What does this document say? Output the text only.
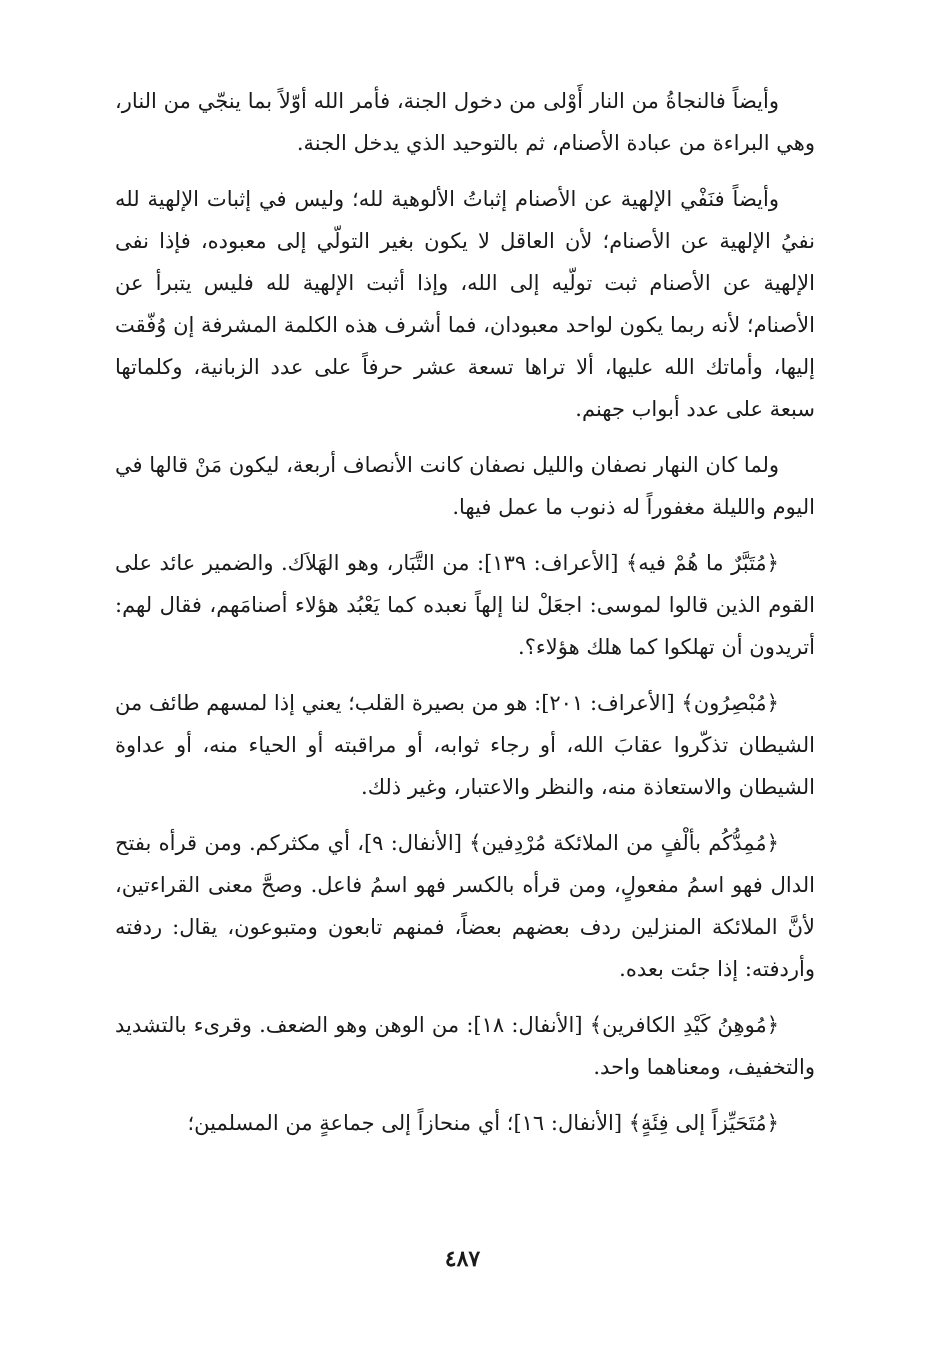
وأيضاً فالنجاةُ من النار أَوْلى من دخول الجنة، فأمر الله أوّلاً بما ينجّي من النار، وهي البراءة من عبادة الأصنام، ثم بالتوحيد الذي يدخل الجنة.

وأيضاً فنَفْي الإلهية عن الأصنام إثباتُ الألوهية لله؛ وليس في إثبات الإلهية لله نفيُ الإلهية عن الأصنام؛ لأن العاقل لا يكون بغير التولّي إلى معبوده، فإذا نفى الإلهية عن الأصنام ثبت تولّيه إلى الله، وإذا أثبت الإلهية لله فليس يتبرأ عن الأصنام؛ لأنه ربما يكون لواحد معبودان، فما أشرف هذه الكلمة المشرفة إن وُفّقت إليها، وأماتك الله عليها، ألا تراها تسعة عشر حرفاً على عدد الزبانية، وكلماتها سبعة على عدد أبواب جهنم.

ولما كان النهار نصفان والليل نصفان كانت الأنصاف أربعة، ليكون مَنْ قالها في اليوم والليلة مغفوراً له ذنوب ما عمل فيها.

﴿مُتَبَّرٌ ما هُمْ فيه﴾ [الأعراف: ١٣٩]: من التَّبَار، وهو الهَلاَك. والضمير عائد على القوم الذين قالوا لموسى: اجعَلْ لنا إلهاً نعبده كما يَعْبُد هؤلاء أصنامَهم، فقال لهم: أتريدون أن تهلكوا كما هلك هؤلاء؟.

﴿مُبْصِرُون﴾ [الأعراف: ٢٠١]: هو من بصيرة القلب؛ يعني إذا لمسهم طائف من الشيطان تذكّروا عقابَ الله، أو رجاء ثوابه، أو مراقبته أو الحياء منه، أو عداوة الشيطان والاستعاذة منه، والنظر والاعتبار، وغير ذلك.

﴿مُمِدُّكُم بألْفٍ من الملائكة مُرْدِفين﴾ [الأنفال: ٩]، أي مكثركم. ومن قرأه بفتح الدال فهو اسمُ مفعولٍ، ومن قرأه بالكسر فهو اسمُ فاعل. وصحَّ معنى القراءتين، لأنَّ الملائكة المنزلين ردف بعضهم بعضاً، فمنهم تابعون ومتبوعون، يقال: ردفته وأردفته: إذا جئت بعده.

﴿مُوهِنُ كَيْدِ الكافرين﴾ [الأنفال: ١٨]: من الوهن وهو الضعف. وقرىء بالتشديد والتخفيف، ومعناهما واحد.

﴿مُتَحَيِّزاً إلى فِئَةٍ﴾ [الأنفال: ١٦]؛ أي منحازاً إلى جماعةٍ من المسلمين؛

٤٨٧
